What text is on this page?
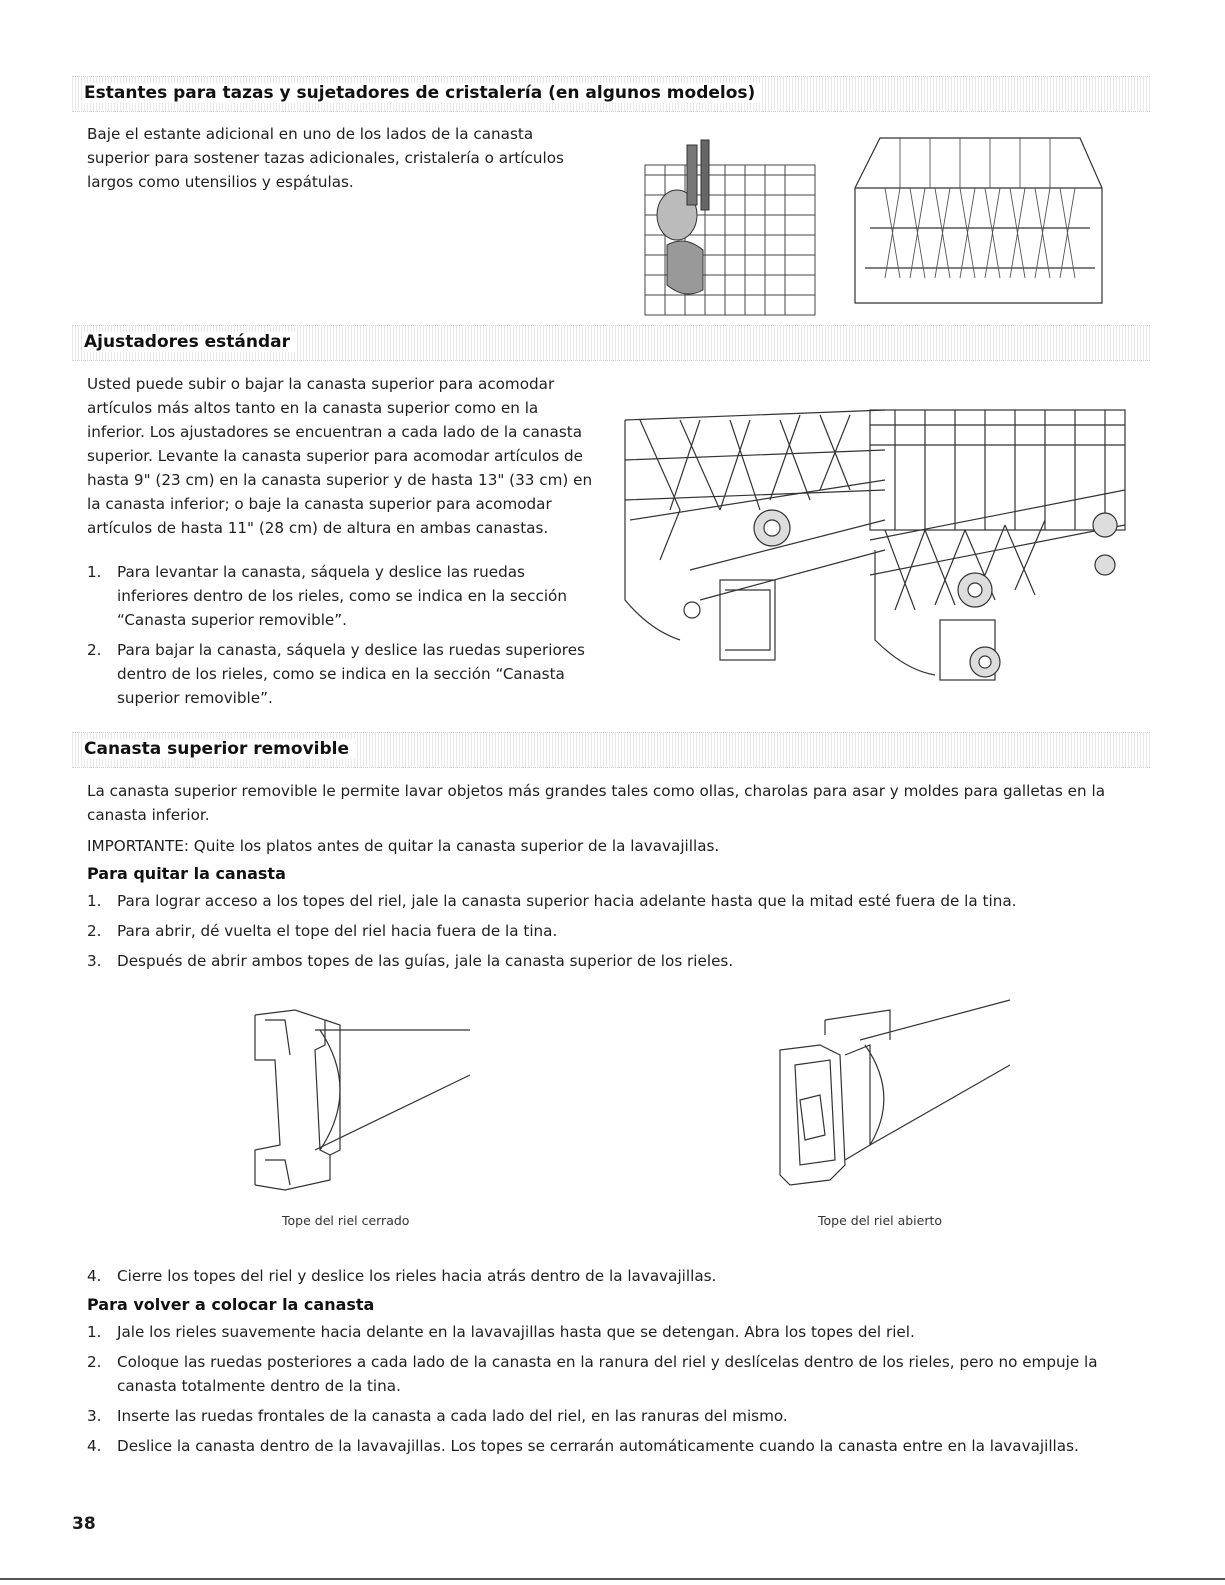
Estantes para tazas y sujetadores de cristalería (en algunos modelos)

Baje el estante adicional en uno de los lados de la canasta superior para sostener tazas adicionales, cristalería o artículos largos como utensilios y espátulas.

Ajustadores estándar

Usted puede subir o bajar la canasta superior para acomodar artículos más altos tanto en la canasta superior como en la inferior. Los ajustadores se encuentran a cada lado de la canasta superior. Levante la canasta superior para acomodar artículos de hasta 9" (23 cm) en la canasta superior y de hasta 13" (33 cm) en la canasta inferior; o baje la canasta superior para acomodar artículos de hasta 11" (28 cm) de altura en ambas canastas.

1. Para levantar la canasta, sáquela y deslice las ruedas inferiores dentro de los rieles, como se indica en la sección “Canasta superior removible”.
2. Para bajar la canasta, sáquela y deslice las ruedas superiores dentro de los rieles, como se indica en la sección “Canasta superior removible”.
Canasta superior removible

La canasta superior removible le permite lavar objetos más grandes tales como ollas, charolas para asar y moldes para galletas en la canasta inferior.

IMPORTANTE: Quite los platos antes de quitar la canasta superior de la lavavajillas.

Para quitar la canasta
1. Para lograr acceso a los topes del riel, jale la canasta superior hacia adelante hasta que la mitad esté fuera de la tina.
2. Para abrir, dé vuelta el tope del riel hacia fuera de la tina.
3. Después de abrir ambos topes de las guías, jale la canasta superior de los rieles.
Tope del riel cerrado	Tope del riel abierto
4. Cierre los topes del riel y deslice los rieles hacia atrás dentro de la lavavajillas.
Para volver a colocar la canasta
1. Jale los rieles suavemente hacia delante en la lavavajillas hasta que se detengan. Abra los topes del riel.
2. Coloque las ruedas posteriores a cada lado de la canasta en la ranura del riel y deslícelas dentro de los rieles, pero no empuje la canasta totalmente dentro de la tina.
3. Inserte las ruedas frontales de la canasta a cada lado del riel, en las ranuras del mismo.
4. Deslice la canasta dentro de la lavavajillas. Los topes se cerrarán automáticamente cuando la canasta entre en la lavavajillas.
38
